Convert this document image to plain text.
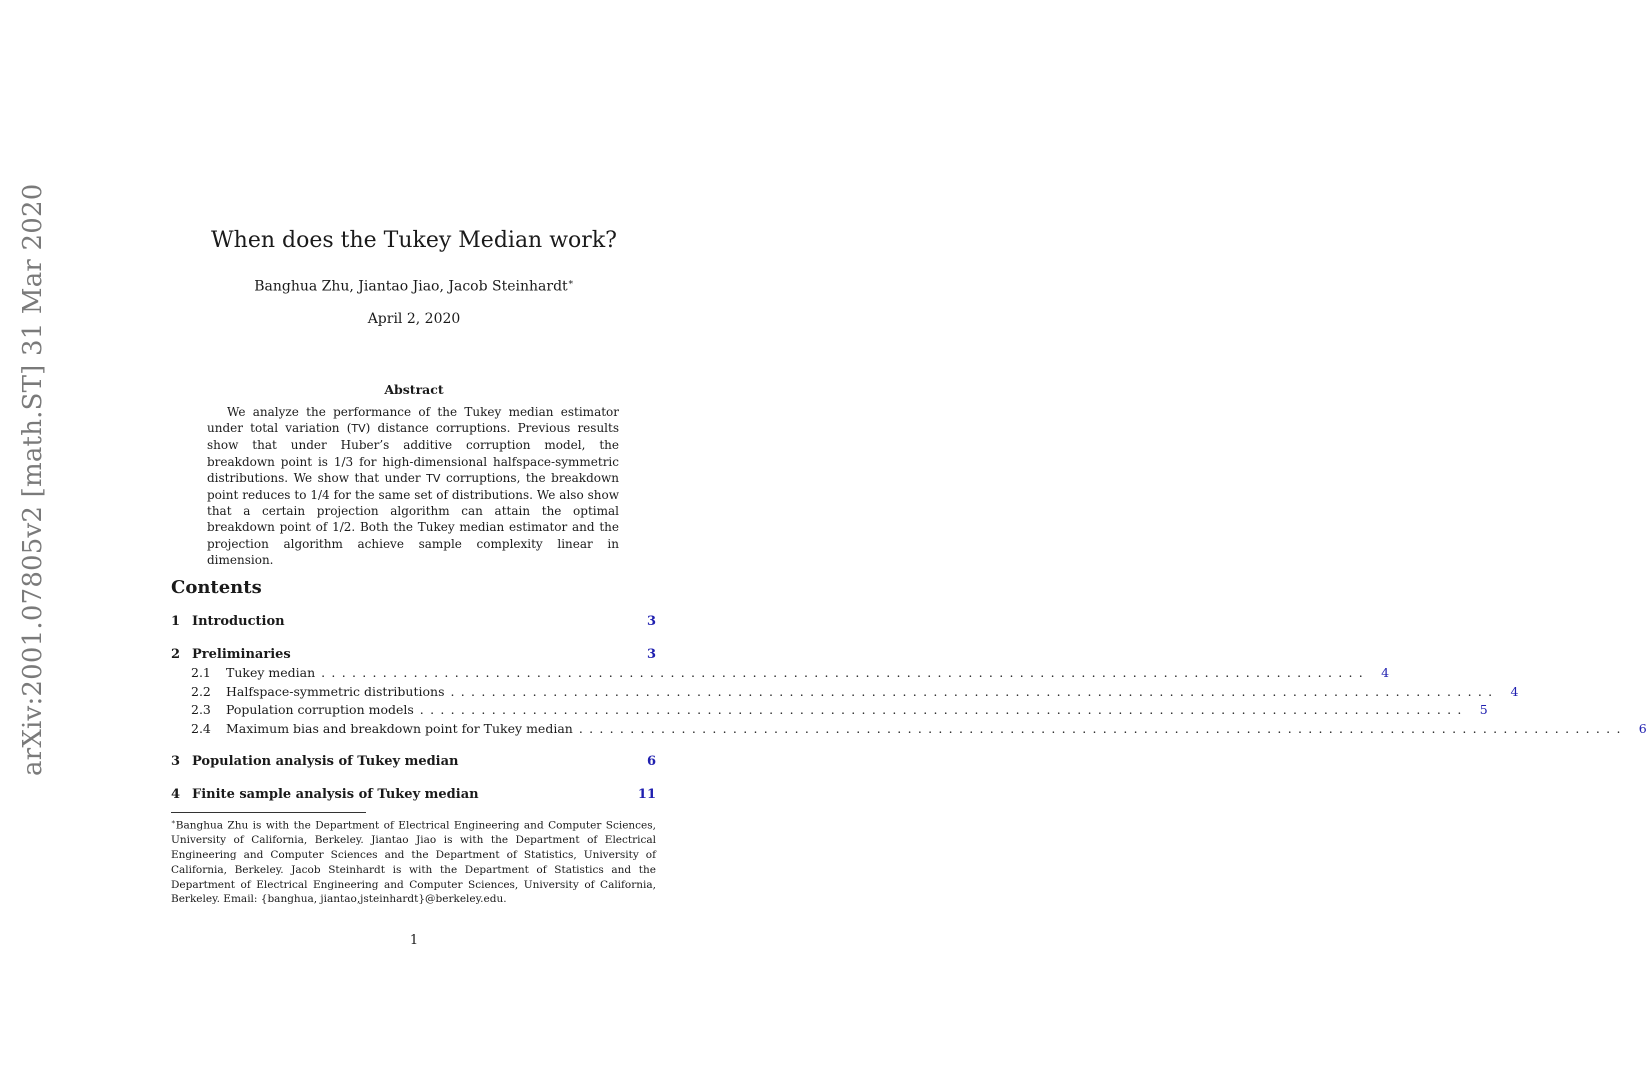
arXiv:2001.07805v2 [math.ST] 31 Mar 2020	When does the Tukey Median work?
Banghua Zhu, Jiantao Jiao, Jacob Steinhardt∗
April 2, 2020
Abstract
We analyze the performance of the Tukey median estimator under total variation (TV) distance corruptions. Previous results show that under Huber’s additive corruption model, the breakdown point is 1/3 for high-dimensional halfspace-symmetric distributions. We show that under TV corruptions, the breakdown point reduces to 1/4 for the same set of distributions. We also show that a certain projection algorithm can attain the optimal breakdown point of 1/2. Both the Tukey median estimator and the projection algorithm achieve sample complexity linear in dimension.
Contents
1 Introduction	3
2 Preliminaries	3
2.1	Tukey median ...................................................................................................... 4
2.2	Halfspace-symmetric distributions ...................................................................................................... 4
2.3	Population corruption models ...................................................................................................... 5
2.4	Maximum bias and breakdown point for Tukey median ...................................................................................................... 6
3 Population analysis of Tukey median	6
4 Finite sample analysis of Tukey median	11
∗Banghua Zhu is with the Department of Electrical Engineering and Computer Sciences, University of California, Berkeley. Jiantao Jiao is with the Department of Electrical Engineering and Computer Sciences and the Department of Statistics, University of California, Berkeley. Jacob Steinhardt is with the Department of Statistics and the Department of Electrical Engineering and Computer Sciences, University of California, Berkeley. Email: {banghua, jiantao,jsteinhardt}@berkeley.edu.
1
